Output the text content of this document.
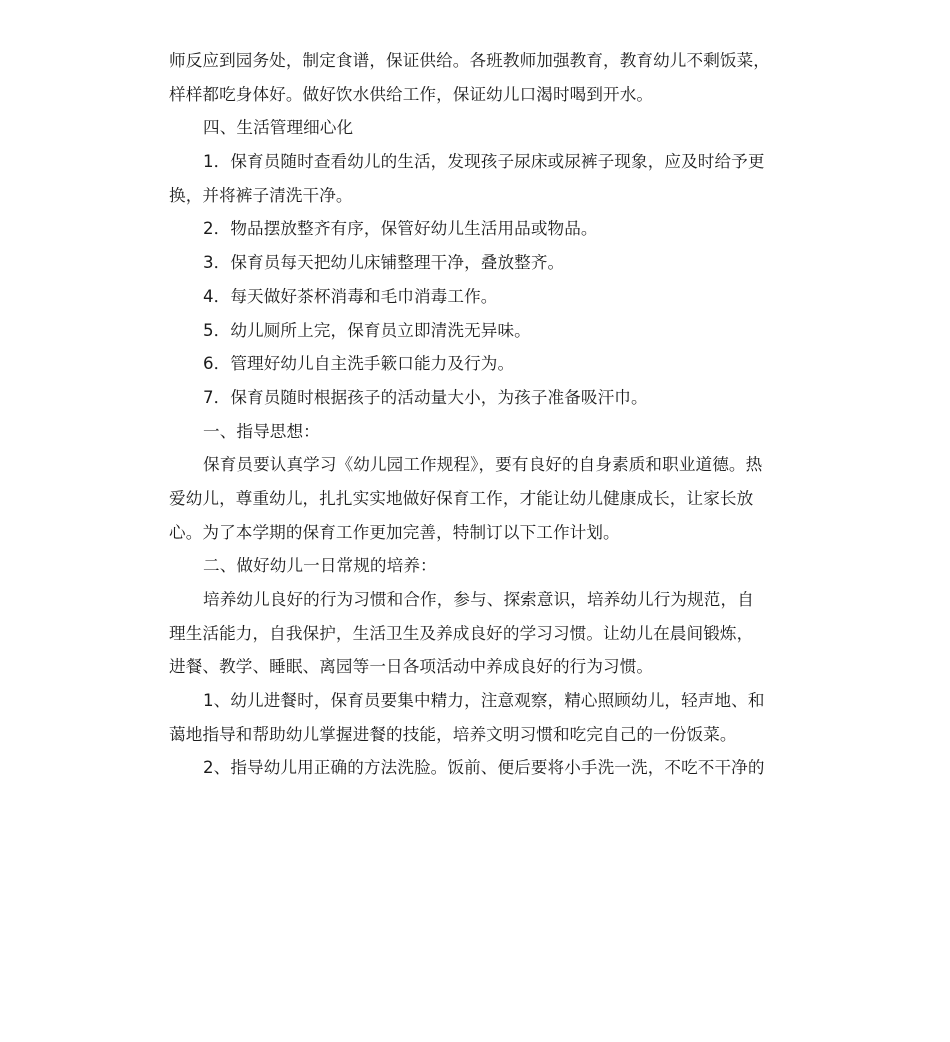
师反应到园务处，制定食谱，保证供给。各班教师加强教育，教育幼儿不剩饭菜，
样样都吃身体好。做好饮水供给工作，保证幼儿口渴时喝到开水。
四、生活管理细心化
1．保育员随时查看幼儿的生活，发现孩子尿床或尿裤子现象，应及时给予更
换，并将裤子清洗干净。
2．物品摆放整齐有序，保管好幼儿生活用品或物品。
3．保育员每天把幼儿床铺整理干净，叠放整齐。
4．每天做好茶杯消毒和毛巾消毒工作。
5．幼儿厕所上完，保育员立即清洗无异味。
6．管理好幼儿自主洗手簌口能力及行为。
7．保育员随时根据孩子的活动量大小，为孩子准备吸汗巾。
一、指导思想：
保育员要认真学习《幼儿园工作规程》，要有良好的自身素质和职业道德。热
爱幼儿，尊重幼儿，扎扎实实地做好保育工作，才能让幼儿健康成长，让家长放
心。为了本学期的保育工作更加完善，特制订以下工作计划。
二、做好幼儿一日常规的培养：
培养幼儿良好的行为习惯和合作，参与、探索意识，培养幼儿行为规范，自
理生活能力，自我保护，生活卫生及养成良好的学习习惯。让幼儿在晨间锻炼，
进餐、教学、睡眠、离园等一日各项活动中养成良好的行为习惯。
1、幼儿进餐时，保育员要集中精力，注意观察，精心照顾幼儿，轻声地、和
蔼地指导和帮助幼儿掌握进餐的技能，培养文明习惯和吃完自己的一份饭菜。
2、指导幼儿用正确的方法洗脸。饭前、便后要将小手洗一洗，不吃不干净的
